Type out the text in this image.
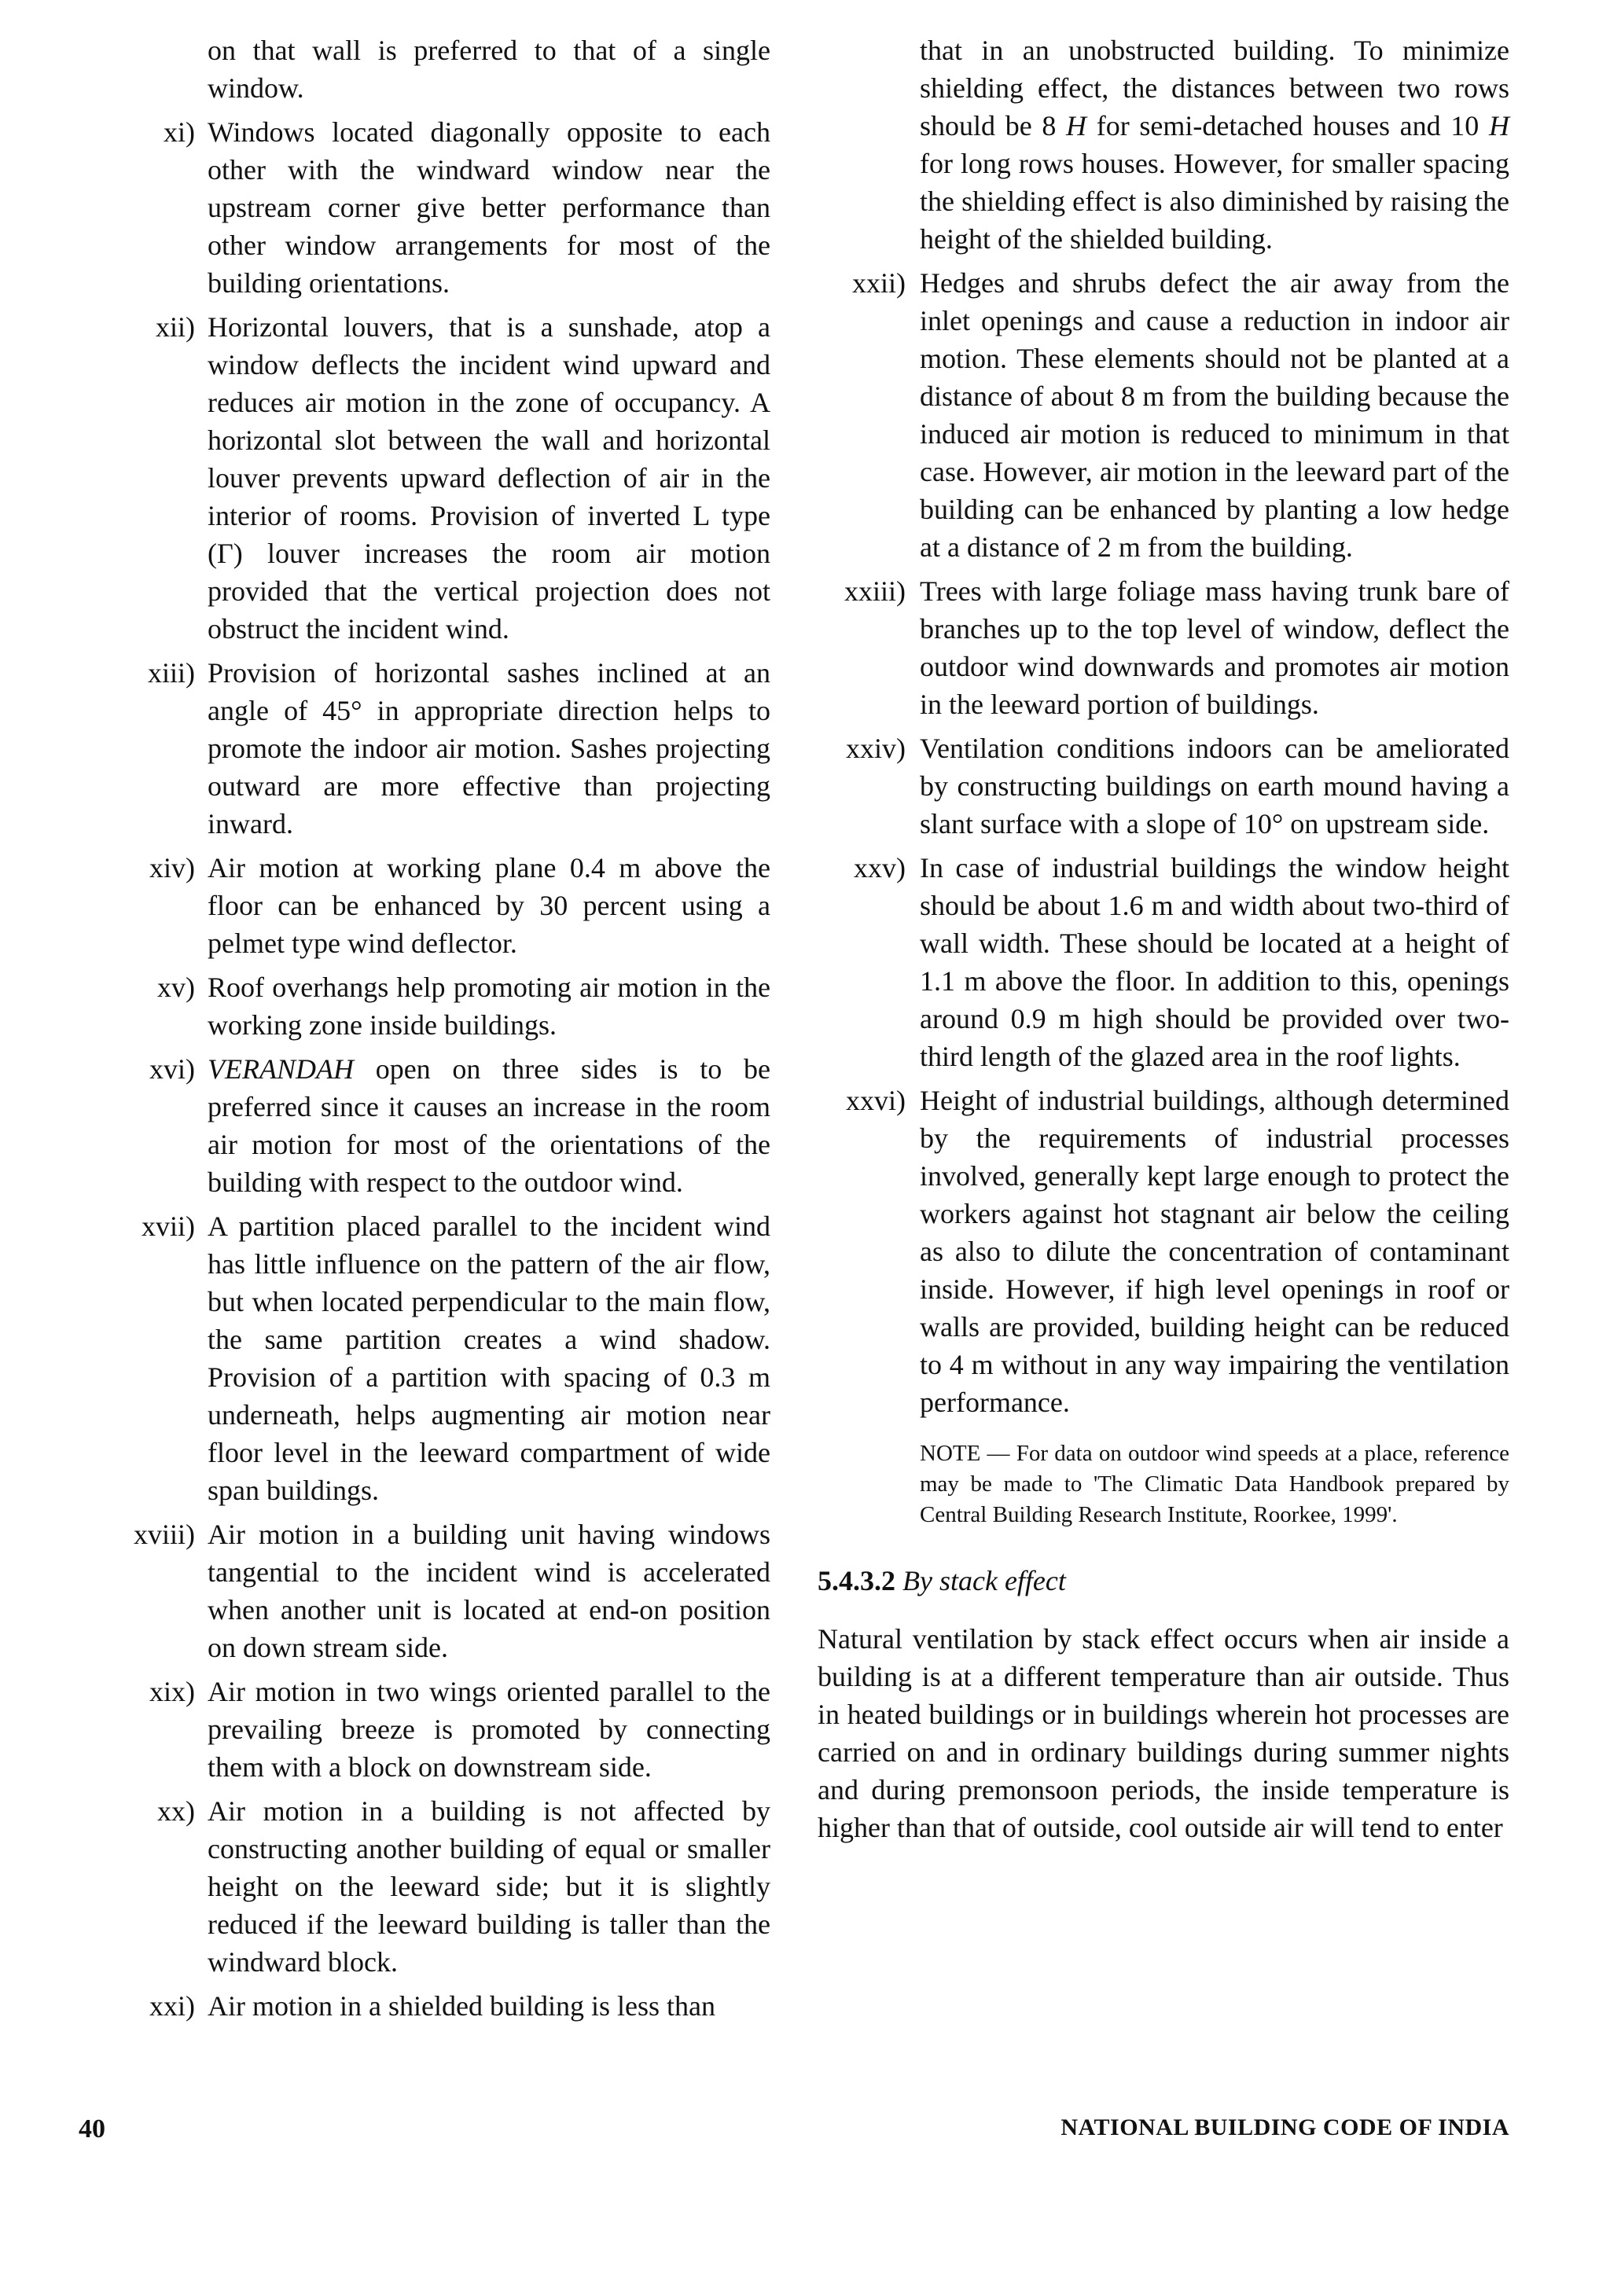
on that wall is preferred to that of a single window.
xi) Windows located diagonally opposite to each other with the windward window near the upstream corner give better performance than other window arrangements for most of the building orientations.
xii) Horizontal louvers, that is a sunshade, atop a window deflects the incident wind upward and reduces air motion in the zone of occupancy. A horizontal slot between the wall and horizontal louver prevents upward deflection of air in the interior of rooms. Provision of inverted L type (Γ) louver increases the room air motion provided that the vertical projection does not obstruct the incident wind.
xiii) Provision of horizontal sashes inclined at an angle of 45° in appropriate direction helps to promote the indoor air motion. Sashes projecting outward are more effective than projecting inward.
xiv) Air motion at working plane 0.4 m above the floor can be enhanced by 30 percent using a pelmet type wind deflector.
xv) Roof overhangs help promoting air motion in the working zone inside buildings.
xvi) VERANDAH open on three sides is to be preferred since it causes an increase in the room air motion for most of the orientations of the building with respect to the outdoor wind.
xvii) A partition placed parallel to the incident wind has little influence on the pattern of the air flow, but when located perpendicular to the main flow, the same partition creates a wind shadow. Provision of a partition with spacing of 0.3 m underneath, helps augmenting air motion near floor level in the leeward compartment of wide span buildings.
xviii) Air motion in a building unit having windows tangential to the incident wind is accelerated when another unit is located at end-on position on down stream side.
xix) Air motion in two wings oriented parallel to the prevailing breeze is promoted by connecting them with a block on downstream side.
xx) Air motion in a building is not affected by constructing another building of equal or smaller height on the leeward side; but it is slightly reduced if the leeward building is taller than the windward block.
xxi) Air motion in a shielded building is less than
that in an unobstructed building. To minimize shielding effect, the distances between two rows should be 8 H for semi-detached houses and 10 H for long rows houses. However, for smaller spacing the shielding effect is also diminished by raising the height of the shielded building.
xxii) Hedges and shrubs defect the air away from the inlet openings and cause a reduction in indoor air motion. These elements should not be planted at a distance of about 8 m from the building because the induced air motion is reduced to minimum in that case. However, air motion in the leeward part of the building can be enhanced by planting a low hedge at a distance of 2 m from the building.
xxiii) Trees with large foliage mass having trunk bare of branches up to the top level of window, deflect the outdoor wind downwards and promotes air motion in the leeward portion of buildings.
xxiv) Ventilation conditions indoors can be ameliorated by constructing buildings on earth mound having a slant surface with a slope of 10° on upstream side.
xxv) In case of industrial buildings the window height should be about 1.6 m and width about two-third of wall width. These should be located at a height of 1.1 m above the floor. In addition to this, openings around 0.9 m high should be provided over two-third length of the glazed area in the roof lights.
xxvi) Height of industrial buildings, although determined by the requirements of industrial processes involved, generally kept large enough to protect the workers against hot stagnant air below the ceiling as also to dilute the concentration of contaminant inside. However, if high level openings in roof or walls are provided, building height can be reduced to 4 m without in any way impairing the ventilation performance.
NOTE — For data on outdoor wind speeds at a place, reference may be made to 'The Climatic Data Handbook prepared by Central Building Research Institute, Roorkee, 1999'.
5.4.3.2 By stack effect
Natural ventilation by stack effect occurs when air inside a building is at a different temperature than air outside. Thus in heated buildings or in buildings wherein hot processes are carried on and in ordinary buildings during summer nights and during premonsoon periods, the inside temperature is higher than that of outside, cool outside air will tend to enter
40	NATIONAL BUILDING CODE OF INDIA
